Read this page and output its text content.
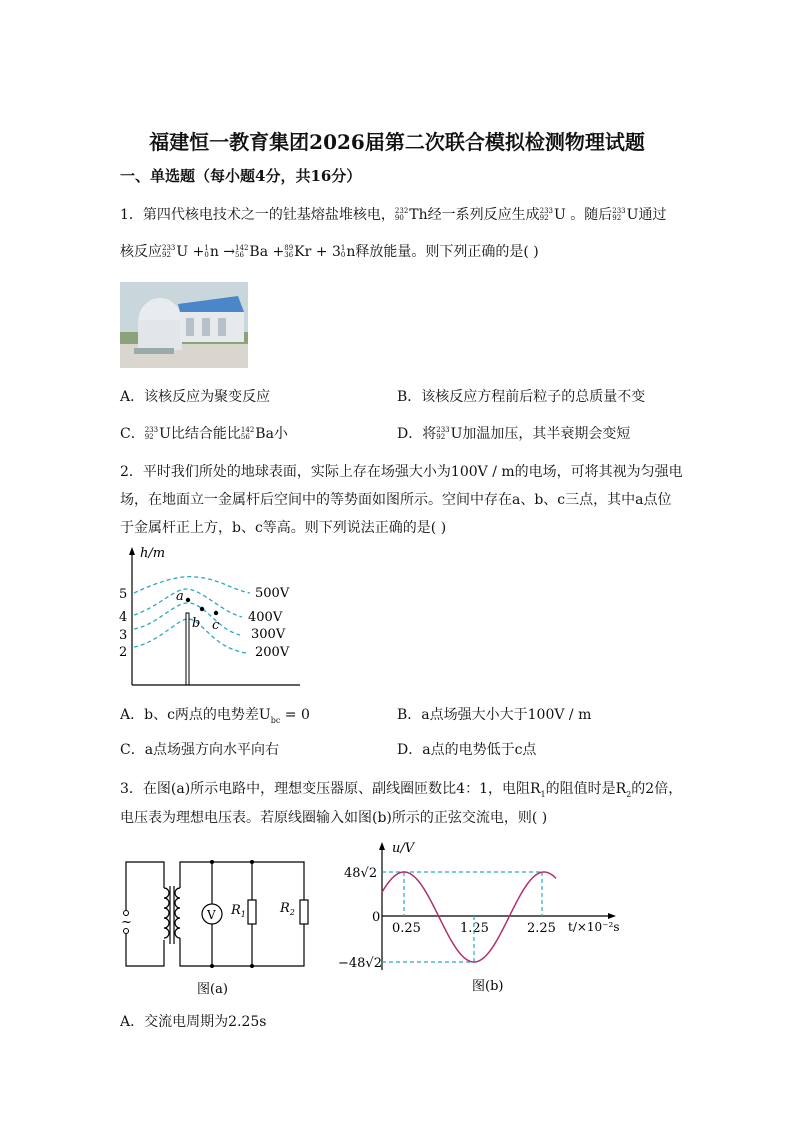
福建恒一教育集团2026届第二次联合模拟检测物理试题
一、单选题（每小题4分，共16分）
1．第四代核电技术之一的钍基熔盐堆核电， 232
90 Th经一系列反应生成 233
92 U 。随后 233
92 U通过
核反应 233
92 U + 1
0 n → 142
56 Ba + 89
36 Kr + 3 1
0 n释放能量。则下列正确的是( )
A．该核反应为聚变反应	B．该核反应方程前后粒子的总质量不变
C． 233
92 U比结合能比 142
56 Ba小	D．将 233
92 U加温加压，其半衰期会变短
2．平时我们所处的地球表面，实际上存在场强大小为100V / m的电场，可将其视为匀强电
场，在地面立一金属杆后空间中的等势面如图所示。空间中存在a、b、c三点，其中a点位
于金属杆正上方，b、c等高。则下列说法正确的是( )
h/m
5
4
3
2
500V
400V
300V
200V
a
b c
A．b、c两点的电势差$U_{bc} = 0$	B．a点场强大小大于100V / m
C．a点场强方向水平向右	D．a点的电势低于c点
3．在图(a)所示电路中，理想变压器原、副线圈匝数比4：1，电阻$R_1$的阻值时是$R_2$的2倍，
电压表为理想电压表。若原线圈输入如图(b)所示的正弦交流电，则( )
~	V $R_1$	$R_2$
图(a)
u/V
t/×10⁻²s
48√2
0
−48√2
0.25	1.25	2.25
图(b)
A．交流电周期为2.25s
